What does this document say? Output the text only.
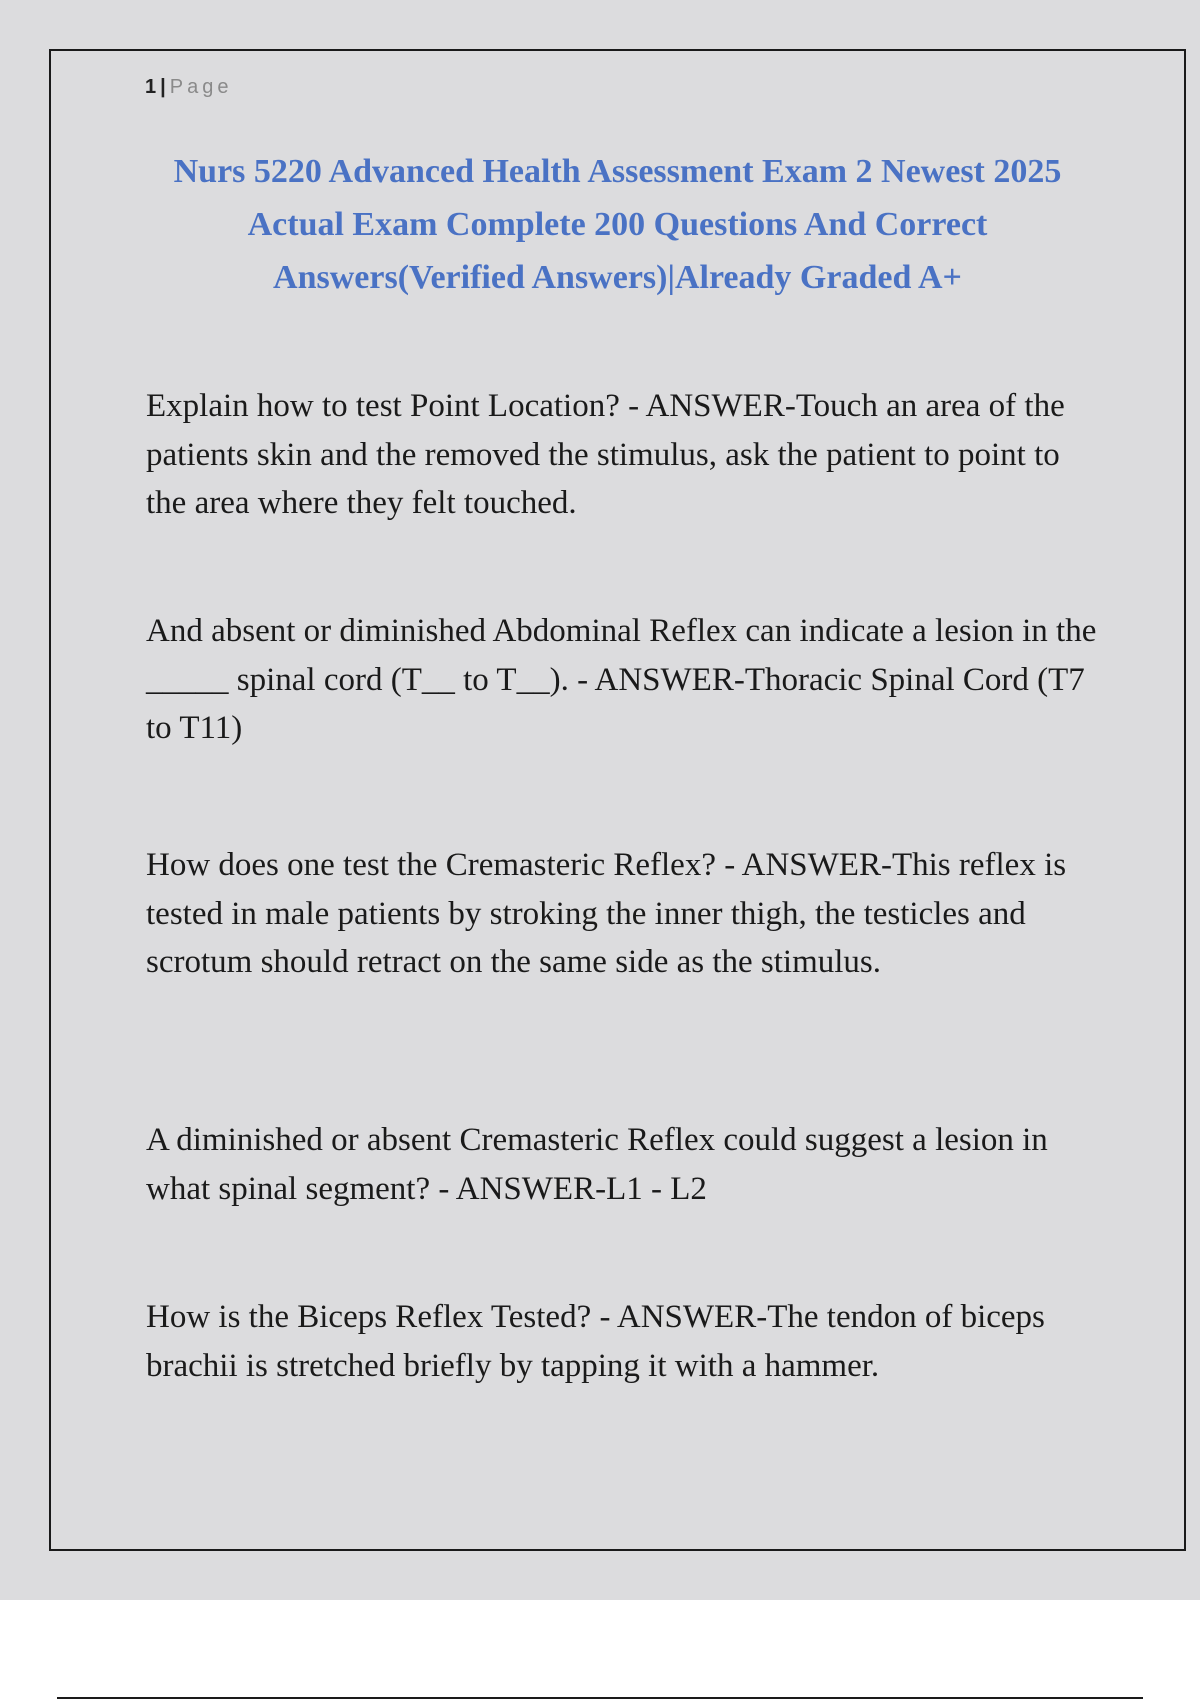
1 | Page
Nurs 5220 Advanced Health Assessment Exam 2 Newest 2025 Actual Exam Complete 200 Questions And Correct Answers(Verified Answers)|Already Graded A+

Explain how to test Point Location? - ANSWER-Touch an area of the patients skin and the removed the stimulus, ask the patient to point to the area where they felt touched.

And absent or diminished Abdominal Reflex can indicate a lesion in the _____ spinal cord (T__ to T__). - ANSWER-Thoracic Spinal Cord (T7 to T11)

How does one test the Cremasteric Reflex? - ANSWER-This reflex is tested in male patients by stroking the inner thigh, the testicles and scrotum should retract on the same side as the stimulus.

A diminished or absent Cremasteric Reflex could suggest a lesion in what spinal segment? - ANSWER-L1 - L2

How is the Biceps Reflex Tested? - ANSWER-The tendon of biceps brachii is stretched briefly by tapping it with a hammer.
